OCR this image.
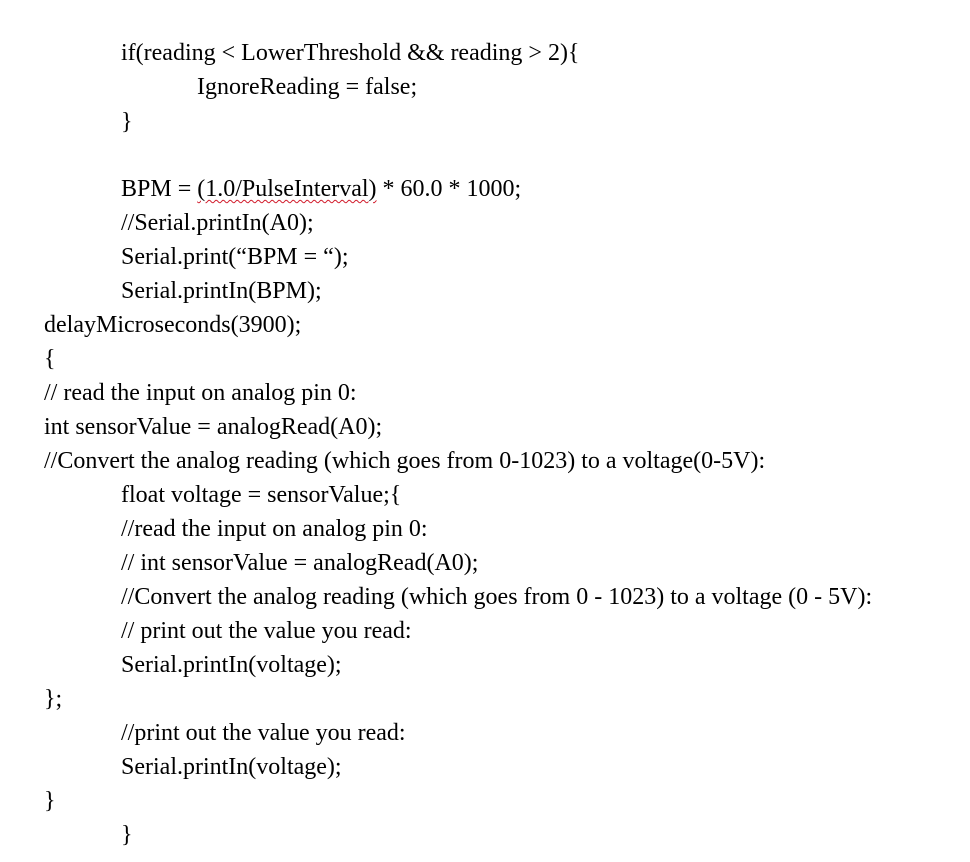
if(reading < LowerThreshold && reading > 2){
IgnoreReading = false;
}
BPM = (1.0/PulseInterval) * 60.0 * 1000;
//Serial.printIn(A0);
Serial.print(“BPM = “);
Serial.printIn(BPM);
delayMicroseconds(3900);
{
// read the input on analog pin 0:
int sensorValue = analogRead(A0);
//Convert the analog reading (which goes from 0-1023) to a voltage(0-5V):
float voltage = sensorValue;{
//read the input on analog pin 0:
// int sensorValue = analogRead(A0);
//Convert the analog reading (which goes from 0 - 1023) to a voltage (0 - 5V):
// print out the value you read:
Serial.printIn(voltage);
};
//print out the value you read:
Serial.printIn(voltage);
}
}
